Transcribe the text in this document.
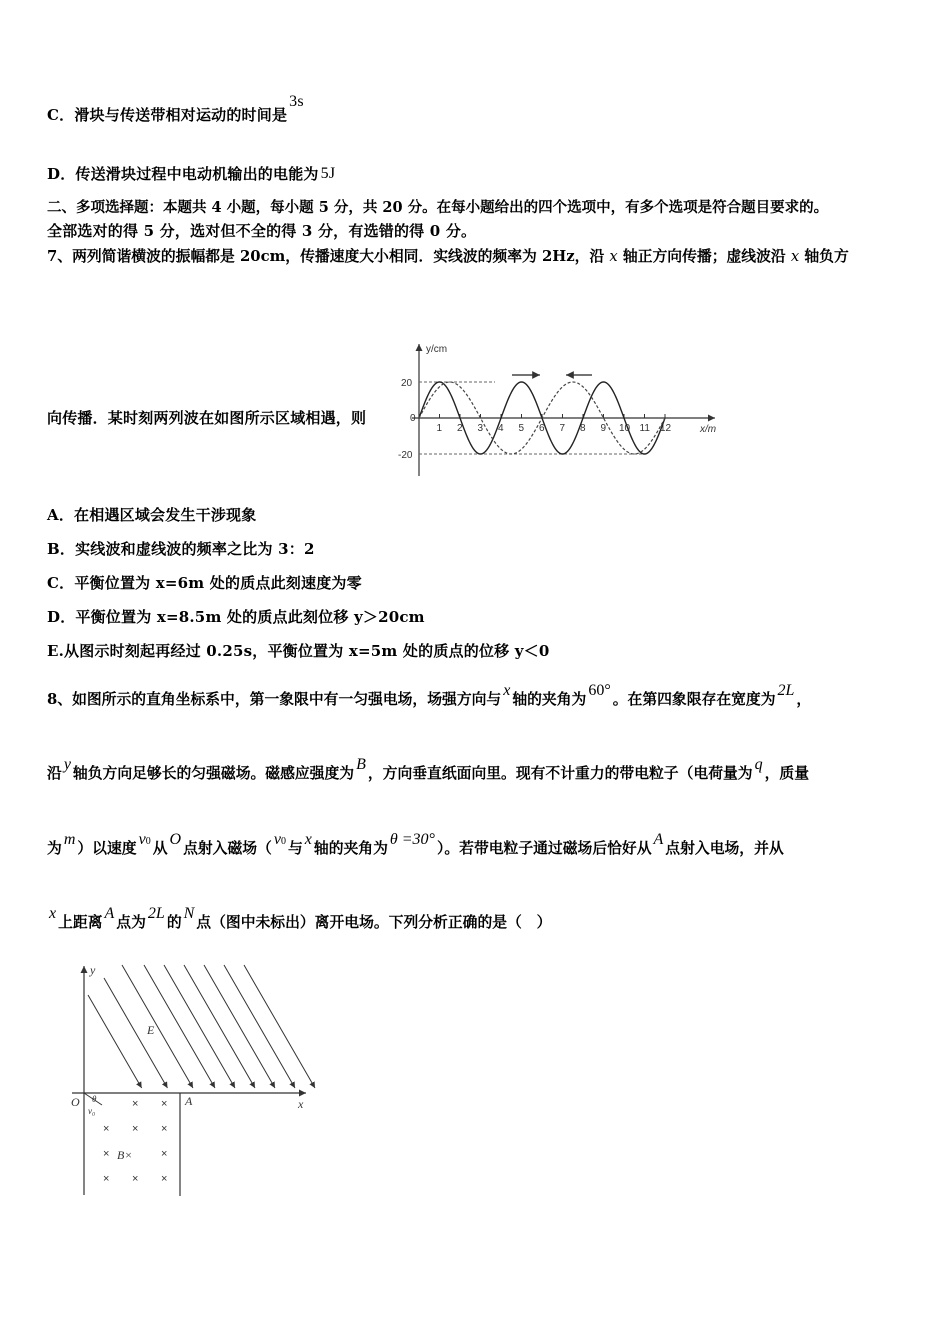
C．滑块与传送带相对运动的时间是3s
D．传送滑块过程中电动机输出的电能为 5J
二、多项选择题：本题共 4 小题，每小题 5 分，共 20 分。在每小题给出的四个选项中，有多个选项是符合题目要求的。
全部选对的得 5 分，选对但不全的得 3 分，有选错的得 0 分。
7、两列简谐横波的振幅都是 20cm，传播速度大小相同．实线波的频率为 2Hz，沿 x 轴正方向传播；虚线波沿 x 轴负方
向传播．某时刻两列波在如图所示区域相遇，则
y/cm
x/m
20
-20
0
1 2 3 4 5 6 7 8 9 10 11 12
A．在相遇区域会发生干涉现象
B．实线波和虚线波的频率之比为 3：2
C．平衡位置为 x=6m 处的质点此刻速度为零
D．平衡位置为 x=8.5m 处的质点此刻位移 y＞20cm
E.从图示时刻起再经过 0.25s，平衡位置为 x=5m 处的质点的位移 y＜0
8、如图所示的直角坐标系中，第一象限中有一匀强电场，场强方向与x轴的夹角为60°。在第四象限存在宽度为2L，
沿y轴负方向足够长的匀强磁场。磁感应强度为B，方向垂直纸面向里。现有不计重力的带电粒子（电荷量为q，质量
为m）以速度v0 从O点射入磁场（v0 与x轴的夹角为θ =30°）。若带电粒子通过磁场后恰好从A点射入电场，并从
x上距离A点为2L的N点（图中未标出）离开电场。下列分析正确的是（　）
× ×
× × ×
×	×
× × ×
y
x
E
O	A
B×
v₀
θ
